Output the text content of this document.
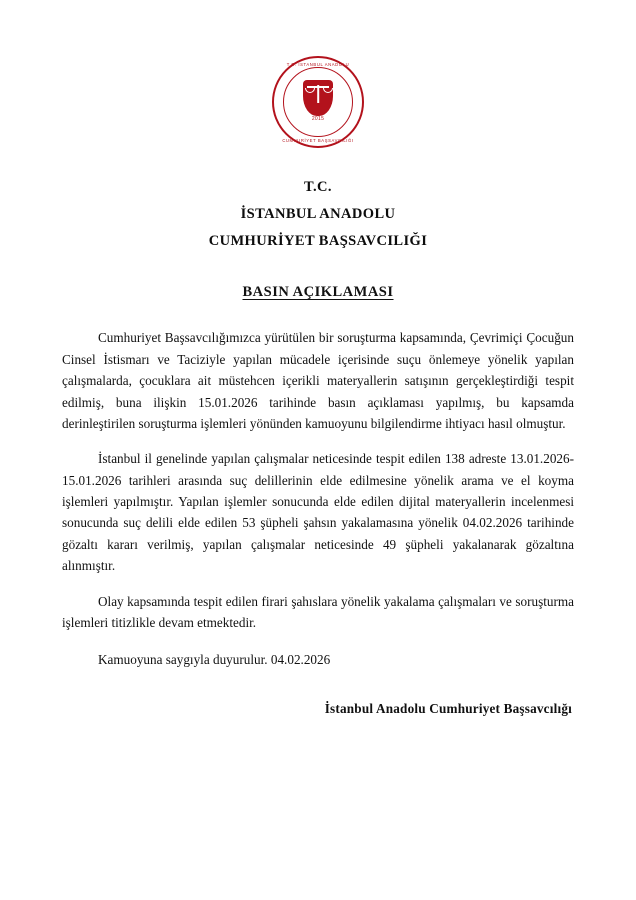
T.C. İSTANBUL ANADOLU
CUMHURİYET BAŞSAVCILIĞI
2015
T.C.
İSTANBUL ANADOLU
CUMHURİYET BAŞSAVCILIĞI
BASIN AÇIKLAMASI

Cumhuriyet Başsavcılığımızca yürütülen bir soruşturma kapsamında, Çevrimiçi Çocuğun Cinsel İstismarı ve Taciziyle yapılan mücadele içerisinde suçu önlemeye yönelik yapılan çalışmalarda, çocuklara ait müstehcen içerikli materyallerin satışının gerçekleştirdiği tespit edilmiş, buna ilişkin 15.01.2026 tarihinde basın açıklaması yapılmış, bu kapsamda derinleştirilen soruşturma işlemleri yönünden kamuoyunu bilgilendirme ihtiyacı hasıl olmuştur.

İstanbul il genelinde yapılan çalışmalar neticesinde tespit edilen 138 adreste 13.01.2026-15.01.2026 tarihleri arasında suç delillerinin elde edilmesine yönelik arama ve el koyma işlemleri yapılmıştır. Yapılan işlemler sonucunda elde edilen dijital materyallerin incelenmesi sonucunda suç delili elde edilen 53 şüpheli şahsın yakalamasına yönelik 04.02.2026 tarihinde gözaltı kararı verilmiş, yapılan çalışmalar neticesinde 49 şüpheli yakalanarak gözaltına alınmıştır.

Olay kapsamında tespit edilen firari şahıslara yönelik yakalama çalışmaları ve soruşturma işlemleri titizlikle devam etmektedir.

Kamuoyuna saygıyla duyurulur. 04.02.2026
İstanbul Anadolu Cumhuriyet Başsavcılığı
